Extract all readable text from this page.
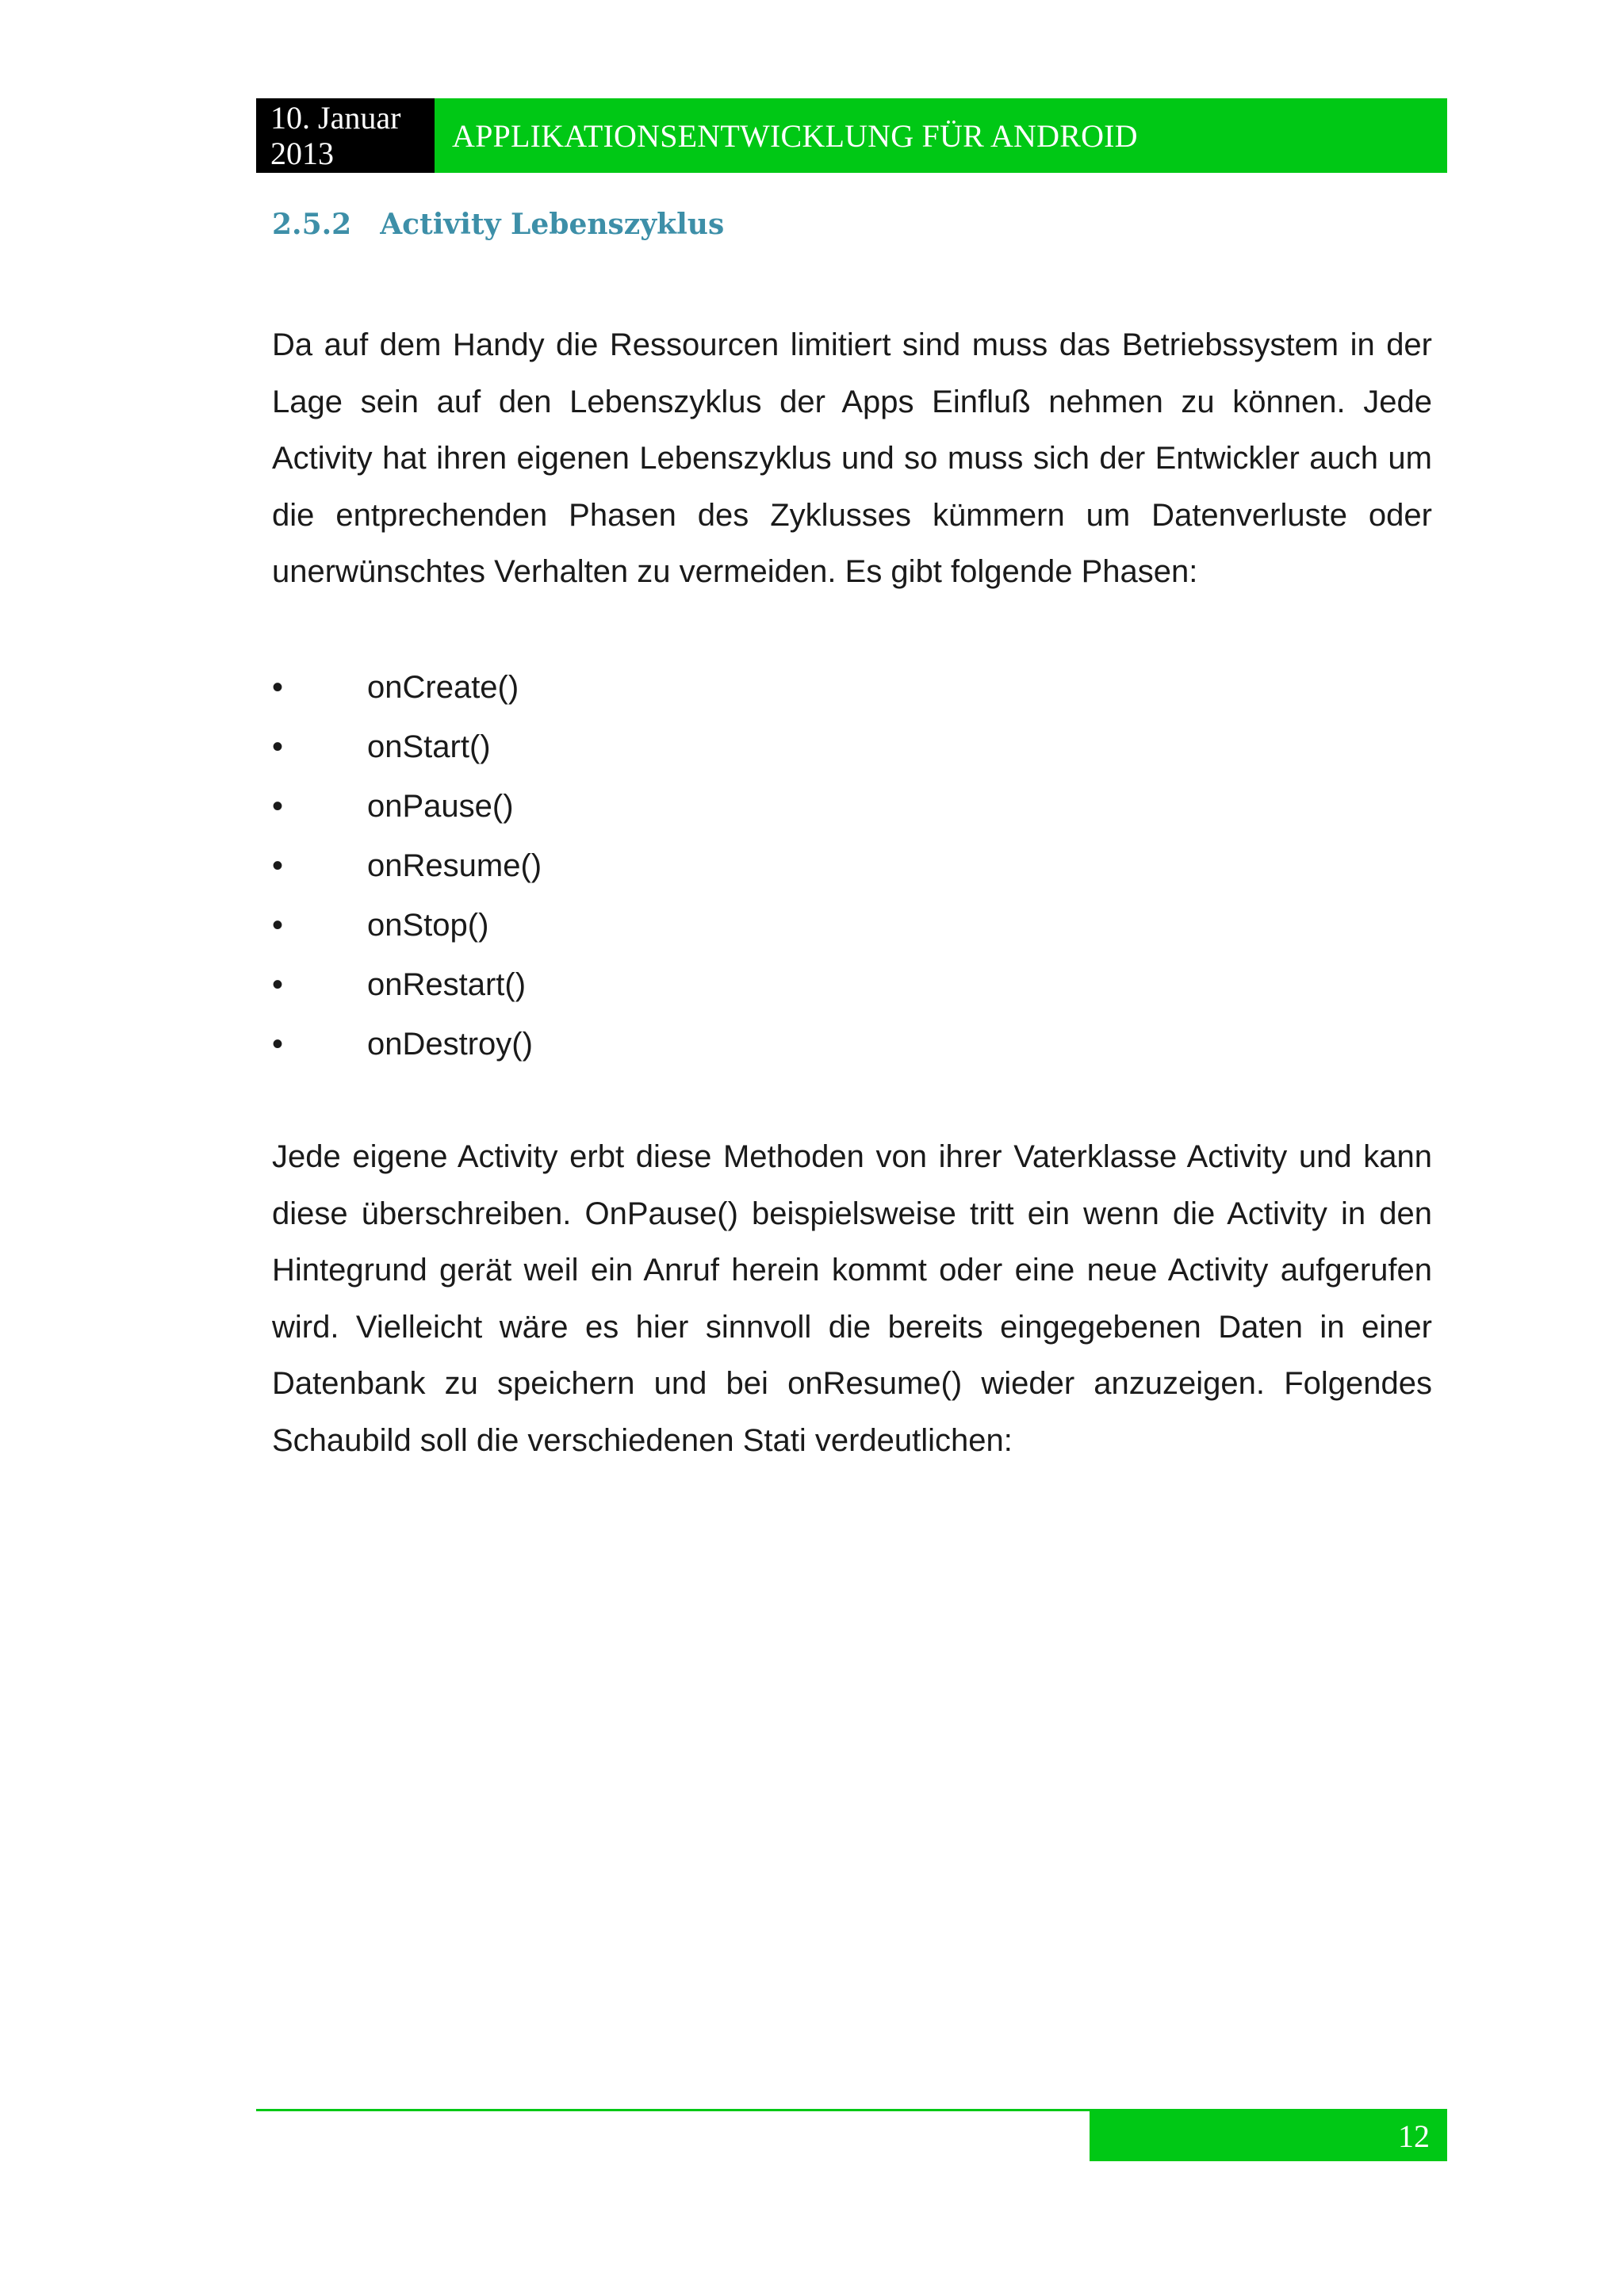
10. Januar
2013	APPLIKATIONSENTWICKLUNG FÜR ANDROID
2.5.2 Activity Lebenszyklus

Da auf dem Handy die Ressourcen limitiert sind muss das Betriebssystem in der Lage sein auf den Lebenszyklus der Apps Einfluß nehmen zu können. Jede Activity hat ihren eigenen Lebenszyklus und so muss sich der Entwickler auch um die entprechenden Phasen des Zyklusses kümmern um Datenverluste oder unerwünschtes Verhalten zu vermeiden. Es gibt folgende Phasen:

•	onCreate()
•	onStart()
•	onPause()
•	onResume()
•	onStop()
•	onRestart()
•	onDestroy()

Jede eigene Activity erbt diese Methoden von ihrer Vaterklasse Activity und kann diese überschreiben. OnPause() beispielsweise tritt ein wenn die Activity in den Hintegrund gerät weil ein Anruf herein kommt oder eine neue Activity aufgerufen wird. Vielleicht wäre es hier sinnvoll die bereits eingegebenen Daten in einer Datenbank zu speichern und bei onResume() wieder anzuzeigen. Folgendes Schaubild soll die verschiedenen Stati verdeutlichen:

12
